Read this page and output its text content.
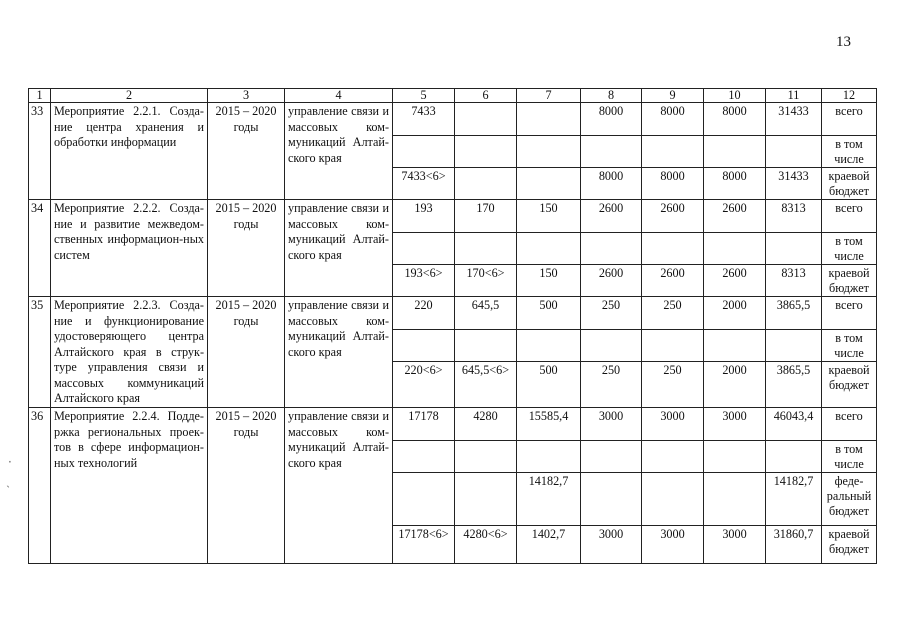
13
1	2	3	4	5	6	7	8	9	10	11	12
33	Мероприятие 2.2.1. Созда-ние центра хранения и обработки информации	2015 – 2020 годы	управление связи и массовых ком-муникаций Алтай-ского края	7433			8000	8000	8000	31433	всего
											в том числе
				7433<6>			8000	8000	8000	31433	краевой бюджет
34	Мероприятие 2.2.2. Созда-ние и развитие межведом-ственных информацион-ных систем	2015 – 2020 годы	управление связи и массовых ком-муникаций Алтай-ского края	193	170	150	2600	2600	2600	8313	всего
											в том числе
				193<6>	170<6>	150	2600	2600	2600	8313	краевой бюджет
35	Мероприятие 2.2.3. Созда-ние и функционирование удостоверяющего центра Алтайского края в струк-туре управления связи и массовых коммуникаций Алтайского края	2015 – 2020 годы	управление связи и массовых ком-муникаций Алтай-ского края	220	645,5	500	250	250	2000	3865,5	всего
											в том числе
				220<6>	645,5<6>	500	250	250	2000	3865,5	краевой бюджет
36	Мероприятие 2.2.4. Подде-ржка региональных проек-тов в сфере информацион-ных технологий	2015 – 2020 годы	управление связи и массовых ком-муникаций Алтай-ского края	17178	4280	15585,4	3000	3000	3000	46043,4	всего
											в том числе
						14182,7				14182,7	феде-ральный бюджет
				17178<6>	4280<6>	1402,7	3000	3000	3000	31860,7	краевой бюджет
·
˴
